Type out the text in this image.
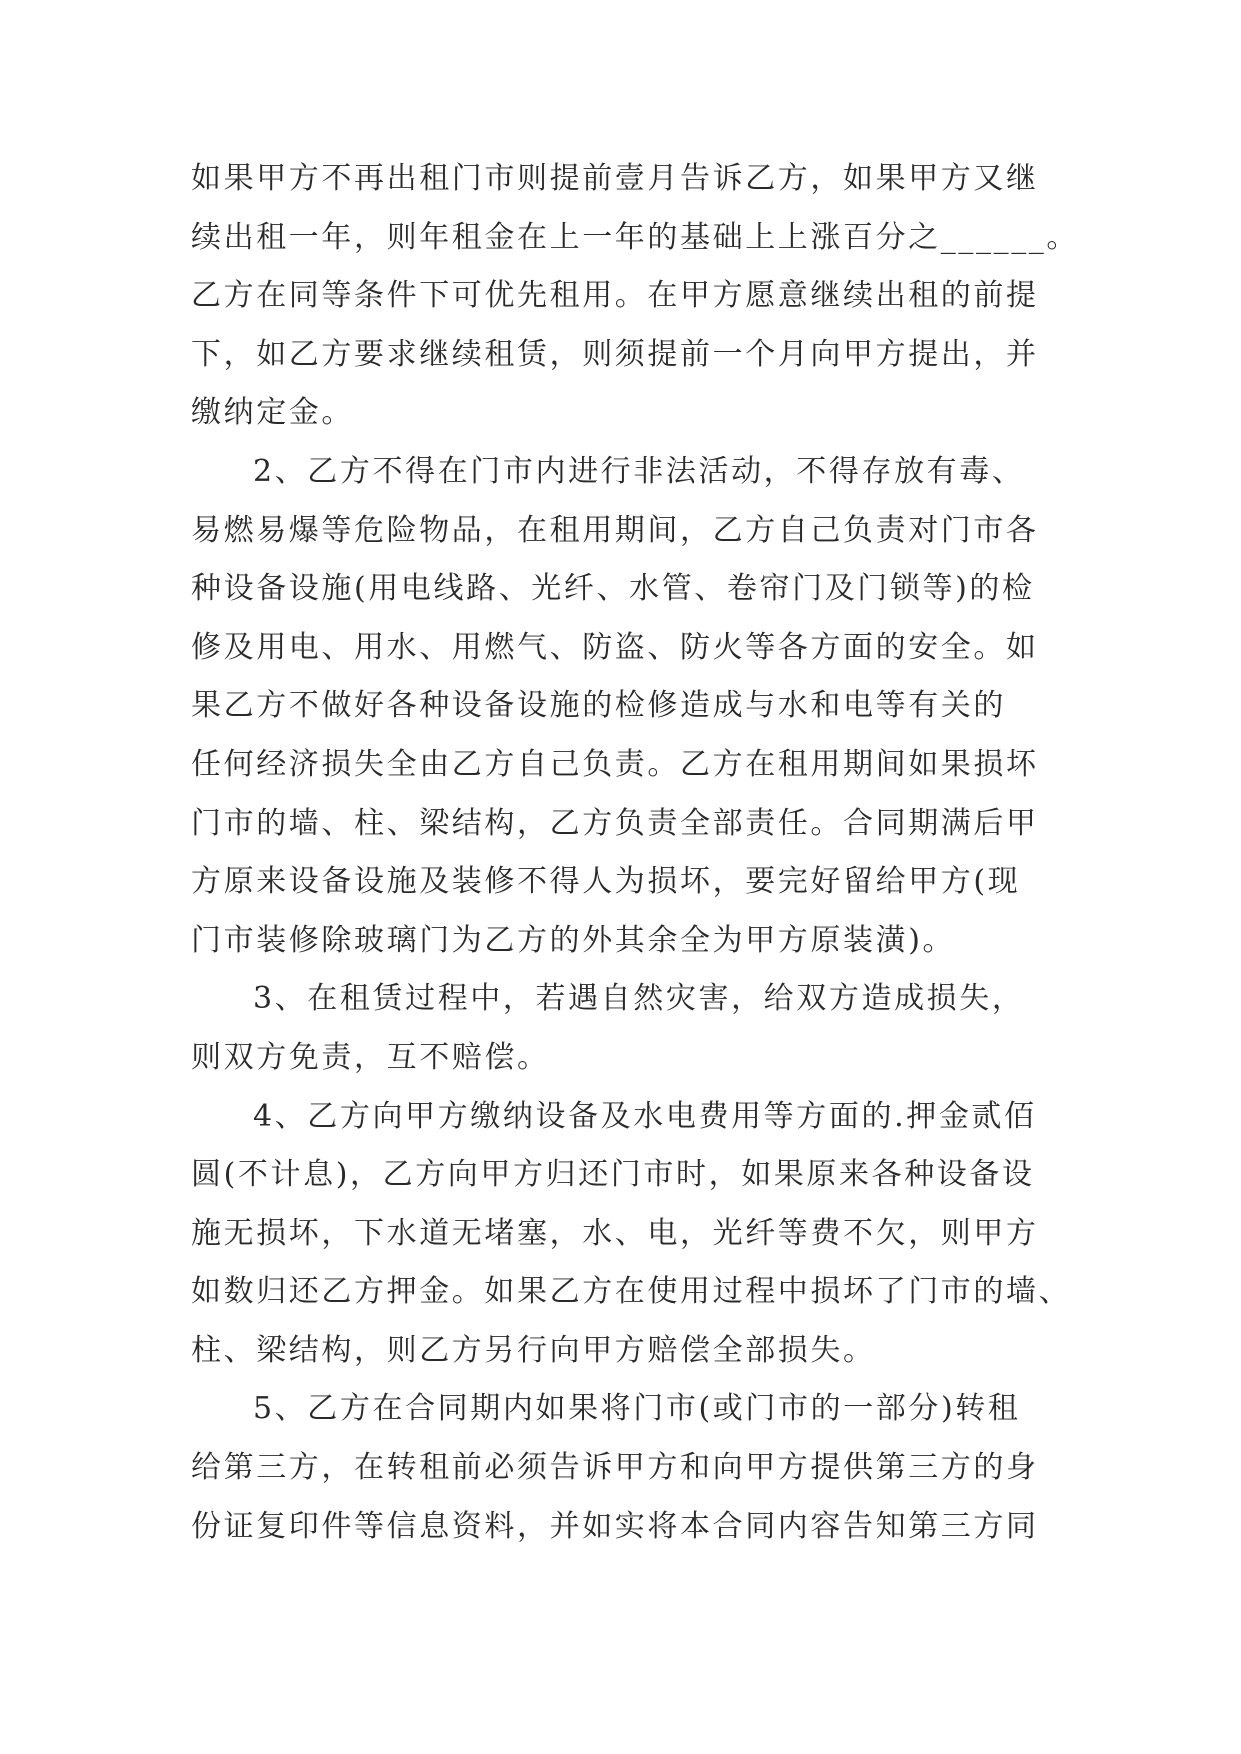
如果甲方不再出租门市则提前壹月告诉乙方，如果甲方又继
续出租一年，则年租金在上一年的基础上上涨百分之______。
乙方在同等条件下可优先租用。在甲方愿意继续出租的前提
下，如乙方要求继续租赁，则须提前一个月向甲方提出，并
缴纳定金。
2、乙方不得在门市内进行非法活动，不得存放有毒、
易燃易爆等危险物品，在租用期间，乙方自己负责对门市各
种设备设施(用电线路、光纤、水管、卷帘门及门锁等)的检
修及用电、用水、用燃气、防盗、防火等各方面的安全。如
果乙方不做好各种设备设施的检修造成与水和电等有关的
任何经济损失全由乙方自己负责。乙方在租用期间如果损坏
门市的墙、柱、梁结构，乙方负责全部责任。合同期满后甲
方原来设备设施及装修不得人为损坏，要完好留给甲方(现
门市装修除玻璃门为乙方的外其余全为甲方原装潢)。
3、在租赁过程中，若遇自然灾害，给双方造成损失，
则双方免责，互不赔偿。
4、乙方向甲方缴纳设备及水电费用等方面的.押金贰佰
圆(不计息)，乙方向甲方归还门市时，如果原来各种设备设
施无损坏，下水道无堵塞，水、电，光纤等费不欠，则甲方
如数归还乙方押金。如果乙方在使用过程中损坏了门市的墙、
柱、梁结构，则乙方另行向甲方赔偿全部损失。
5、乙方在合同期内如果将门市(或门市的一部分)转租
给第三方，在转租前必须告诉甲方和向甲方提供第三方的身
份证复印件等信息资料，并如实将本合同内容告知第三方同
